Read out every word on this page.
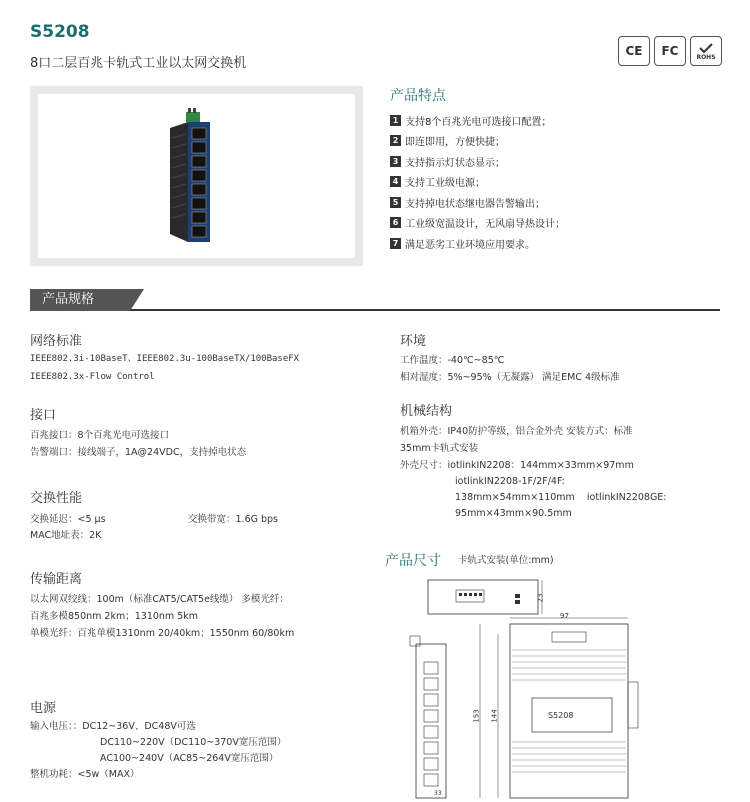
S5208
8口二层百兆卡轨式工业以太网交换机
CE	FC	ROHS
产品特点
1 支持8个百兆光电可选接口配置；
2 即连即用，方便快捷；
3 支持指示灯状态显示；
4 支持工业级电源；
5 支持掉电状态继电器告警输出；
6 工业级宽温设计，无风扇导热设计；
7 满足恶劣工业环境应用要求。
产品规格
网络标准
IEEE802.3i-10BaseT、IEEE802.3u-100BaseTX/100BaseFX
IEEE802.3x-Flow Control
接口
百兆接口：8个百兆光电可选接口
告警端口：接线端子，1A@24VDC，支持掉电状态
交换性能
交换延迟：<5 μs	交换带宽：1.6G bps
MAC地址表：2K
传输距离
以太网双绞线：100m（标准CAT5/CAT5e线缆） 多模光纤：
百兆多模850nm 2km；1310nm 5km
单模光纤：百兆单模1310nm 20/40km；1550nm 60/80km
电源
输入电压：：DC12~36V、DC48V可选
DC110~220V（DC110~370V宽压范围）
AC100~240V（AC85~264V宽压范围）
整机功耗：<5w（MAX）
环境
工作温度：-40℃~85℃
相对湿度：5%~95%（无凝露） 满足EMC 4级标准
机械结构
机箱外壳：IP40防护等级，铝合金外壳 安装方式：标准
35mm卡轨式安装
外壳尺寸：iotlinkIN2208：144mm×33mm×97mm
iotlinkIN2208-1F/2F/4F:
138mm×54mm×110mm    iotlinkIN2208GE:
95mm×43mm×90.5mm
产品尺寸 卡轨式安装(单位:mm)
23
97
153 144	S5208
33
